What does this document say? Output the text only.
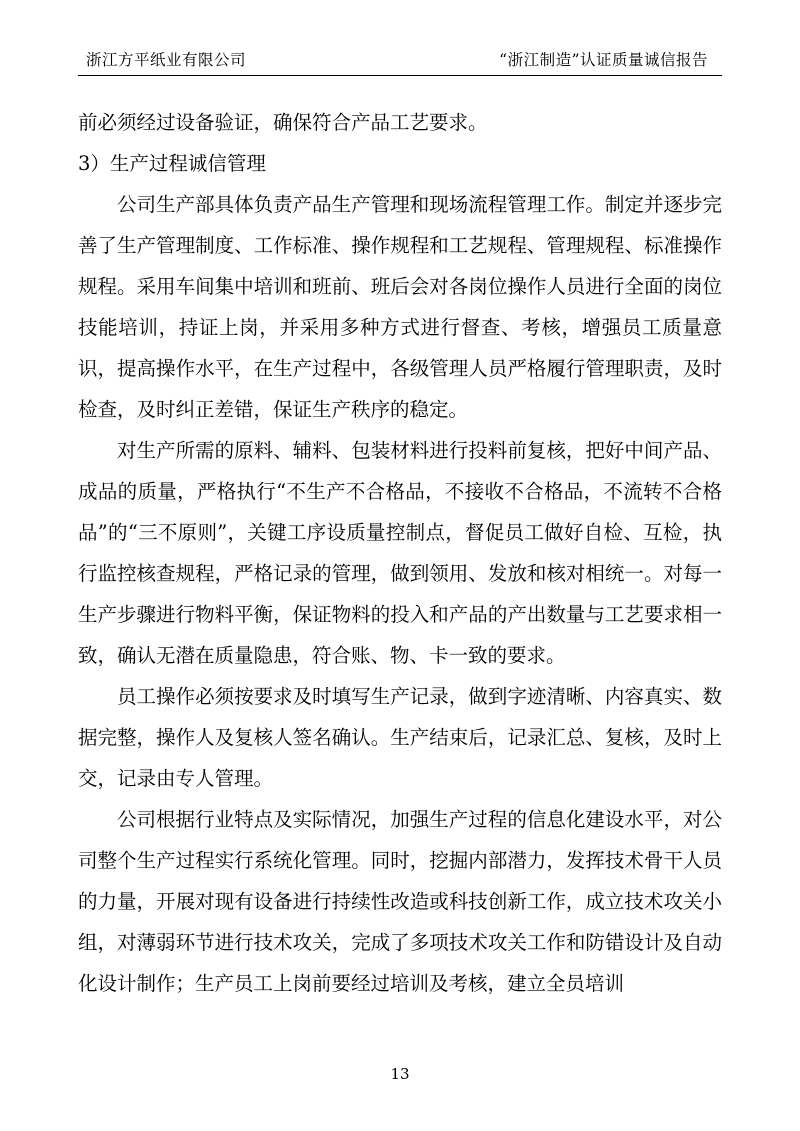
浙江方平纸业有限公司	“浙江制造”认证质量诚信报告

前必须经过设备验证，确保符合产品工艺要求。

3）生产过程诚信管理

公司生产部具体负责产品生产管理和现场流程管理工作。制定并逐步完善了生产管理制度、工作标准、操作规程和工艺规程、管理规程、标准操作规程。采用车间集中培训和班前、班后会对各岗位操作人员进行全面的岗位技能培训，持证上岗，并采用多种方式进行督查、考核，增强员工质量意识，提高操作水平，在生产过程中，各级管理人员严格履行管理职责，及时检查，及时纠正差错，保证生产秩序的稳定。

对生产所需的原料、辅料、包装材料进行投料前复核，把好中间产品、成品的质量，严格执行“不生产不合格品，不接收不合格品，不流转不合格品”的“三不原则”，关键工序设质量控制点，督促员工做好自检、互检，执行监控核查规程，严格记录的管理，做到领用、发放和核对相统一。对每一生产步骤进行物料平衡，保证物料的投入和产品的产出数量与工艺要求相一致，确认无潜在质量隐患，符合账、物、卡一致的要求。

员工操作必须按要求及时填写生产记录，做到字迹清晰、内容真实、数据完整，操作人及复核人签名确认。生产结束后，记录汇总、复核，及时上交，记录由专人管理。

公司根据行业特点及实际情况，加强生产过程的信息化建设水平，对公司整个生产过程实行系统化管理。同时，挖掘内部潜力，发挥技术骨干人员的力量，开展对现有设备进行持续性改造或科技创新工作，成立技术攻关小组，对薄弱环节进行技术攻关，完成了多项技术攻关工作和防错设计及自动化设计制作；生产员工上岗前要经过培训及考核，建立全员培训

13
